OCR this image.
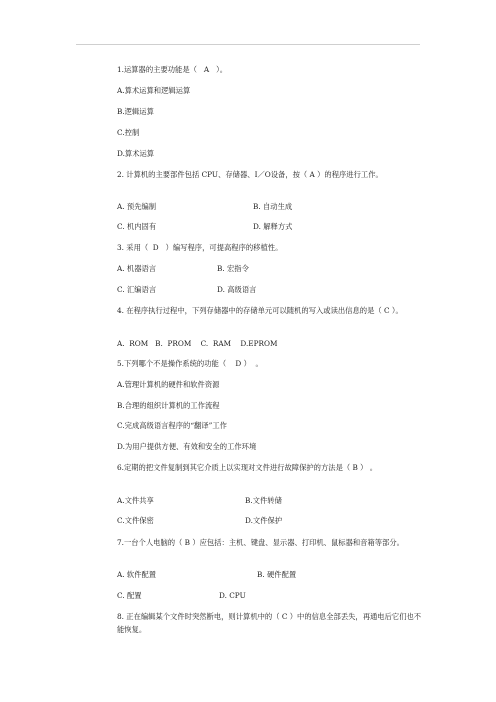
1.运算器的主要功能是（   A   ）。
A.算术运算和逻辑运算
B.逻辑运算
C.控制
D.算术运算
2. 计算机的主要部件包括 CPU、存储器、I／O设备，按（ A ）的程序进行工作。
A. 预先编制	B. 自动生成
C. 机内固有	D. 解释方式
3. 采用（  D   ）编写程序，可提高程序的移植性。
A. 机器语言	B. 宏指令
C. 汇编语言	D. 高级语言
4. 在程序执行过程中，下列存储器中的存储单元可以随机的写入或读出信息的是（ C ）。
A.  ROM   B.  PROM    C.  RAM    D.EPROM
5.下列哪个不是操作系统的功能（    D ）  。
A.管理计算机的硬件和软件资源
B.合理的组织计算机的工作流程
C.完成高级语言程序的“翻译”工作
D.为用户提供方便、有效和安全的工作环境
6.定期的把文件复制到其它介质上以实现对文件进行故障保护的方法是（ B ） 。
A.文件共享	B.文件转储
C.文件保密	D.文件保护
7.一台个人电脑的（ B ）应包括：主机、键盘、显示器、打印机、鼠标器和音箱等部分。
A. 软件配置	B. 硬件配置
C. 配置	D. CPU
8. 正在编辑某个文件时突然断电，则计算机中的（ C ）中的信息全部丢失，再通电后它们也不能恢复。
